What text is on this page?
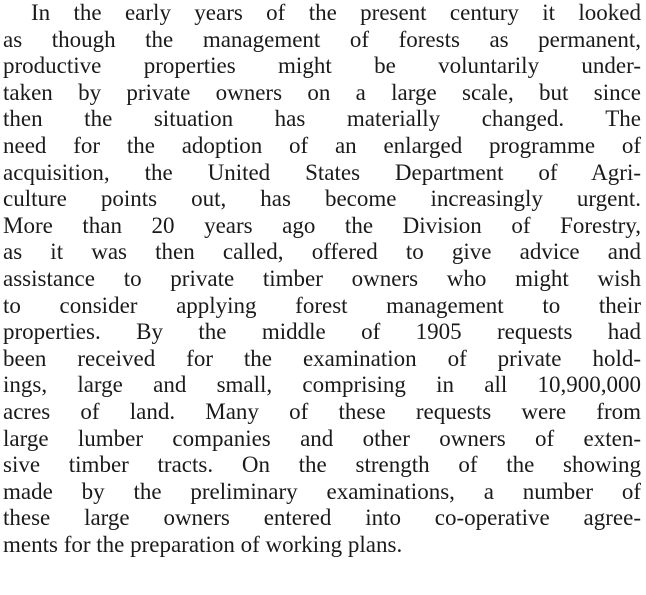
In the early years of the present century it looked
as though the management of forests as permanent,
productive properties might be voluntarily under-
taken by private owners on a large scale, but since
then the situation has materially changed. The
need for the adoption of an enlarged programme of
acquisition, the United States Department of Agri-
culture points out, has become increasingly urgent.
More than 20 years ago the Division of Forestry,
as it was then called, offered to give advice and
assistance to private timber owners who might wish
to consider applying forest management to their
properties. By the middle of 1905 requests had
been received for the examination of private hold-
ings, large and small, comprising in all 10,900,000
acres of land. Many of these requests were from
large lumber companies and other owners of exten-
sive timber tracts. On the strength of the showing
made by the preliminary examinations, a number of
these large owners entered into co-operative agree-
ments for the preparation of working plans.
